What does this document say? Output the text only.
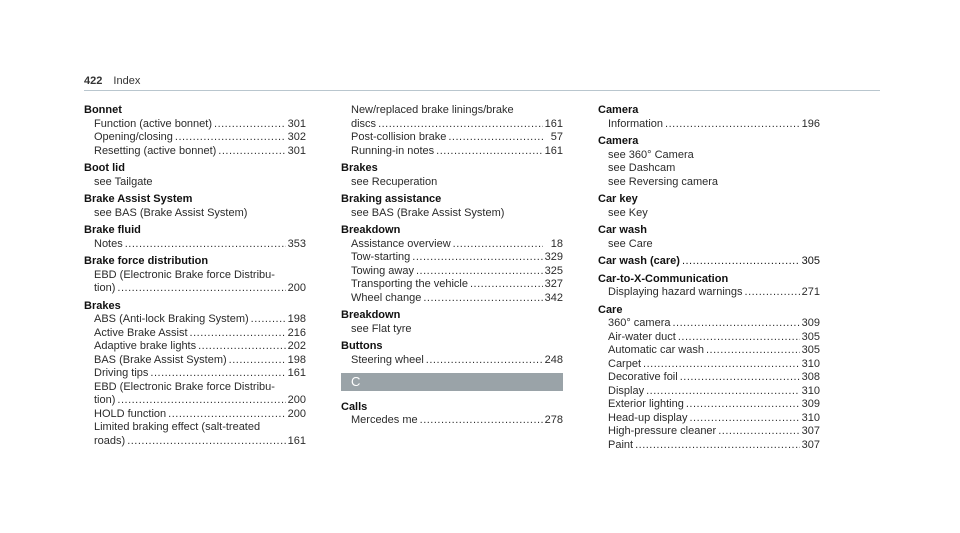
422 Index
Bonnet
Function (active bonnet) .....	301
Opening/closing .....	302
Resetting (active bonnet) .....	301
Boot lid
see Tailgate
Brake Assist System
see BAS (Brake Assist System)
Brake fluid
Notes .....	353
Brake force distribution
EBD (Electronic Brake force Distribu-
tion) .....	200
Brakes
ABS (Anti-lock Braking System) .....	198
Active Brake Assist .....	216
Adaptive brake lights .....	202
BAS (Brake Assist System) .....	198
Driving tips .....	161
EBD (Electronic Brake force Distribu-
tion) .....	200
HOLD function .....	200
Limited braking effect (salt-treated
roads) .....	161
New/replaced brake linings/brake
discs .....	161
Post-collision brake .....	57
Running-in notes .....	161
Brakes
see Recuperation
Braking assistance
see BAS (Brake Assist System)
Breakdown
Assistance overview .....	18
Tow-starting .....	329
Towing away .....	325
Transporting the vehicle .....	327
Wheel change .....	342
Breakdown
see Flat tyre
Buttons
Steering wheel .....	248
C
Calls
Mercedes me .....	278
Camera
Information .....	196
Camera
see 360° Camera
see Dashcam
see Reversing camera
Car key
see Key
Car wash
see Care
Car wash (care) .....	305
Car-to-X-Communication
Displaying hazard warnings .....	271
Care
360° camera .....	309
Air-water duct .....	305
Automatic car wash .....	305
Carpet .....	310
Decorative foil .....	308
Display .....	310
Exterior lighting .....	309
Head-up display .....	310
High-pressure cleaner .....	307
Paint .....	307
